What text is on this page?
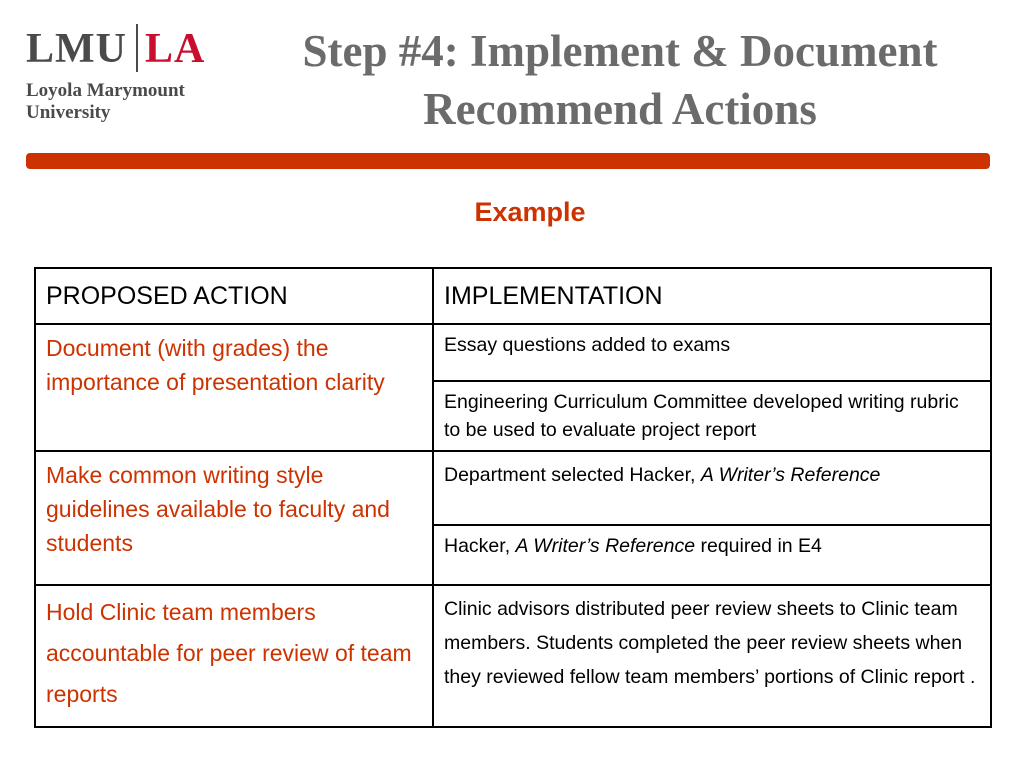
LMU LA
Loyola Marymount
University
Step #4: Implement & Document
Recommend Actions
Example
PROPOSED ACTION	IMPLEMENTATION
Document (with grades) the importance of presentation clarity	Essay questions added to exams
	Engineering Curriculum Committee developed writing rubric to be used to evaluate project report
Make common writing style guidelines available to faculty and students	Department selected Hacker, A Writer’s Reference
	Hacker, A Writer’s Reference required in E4
Hold Clinic team members accountable for peer review of team reports	Clinic advisors distributed peer review sheets to Clinic team members. Students completed the peer review sheets when they reviewed fellow team members’ portions of Clinic report .
